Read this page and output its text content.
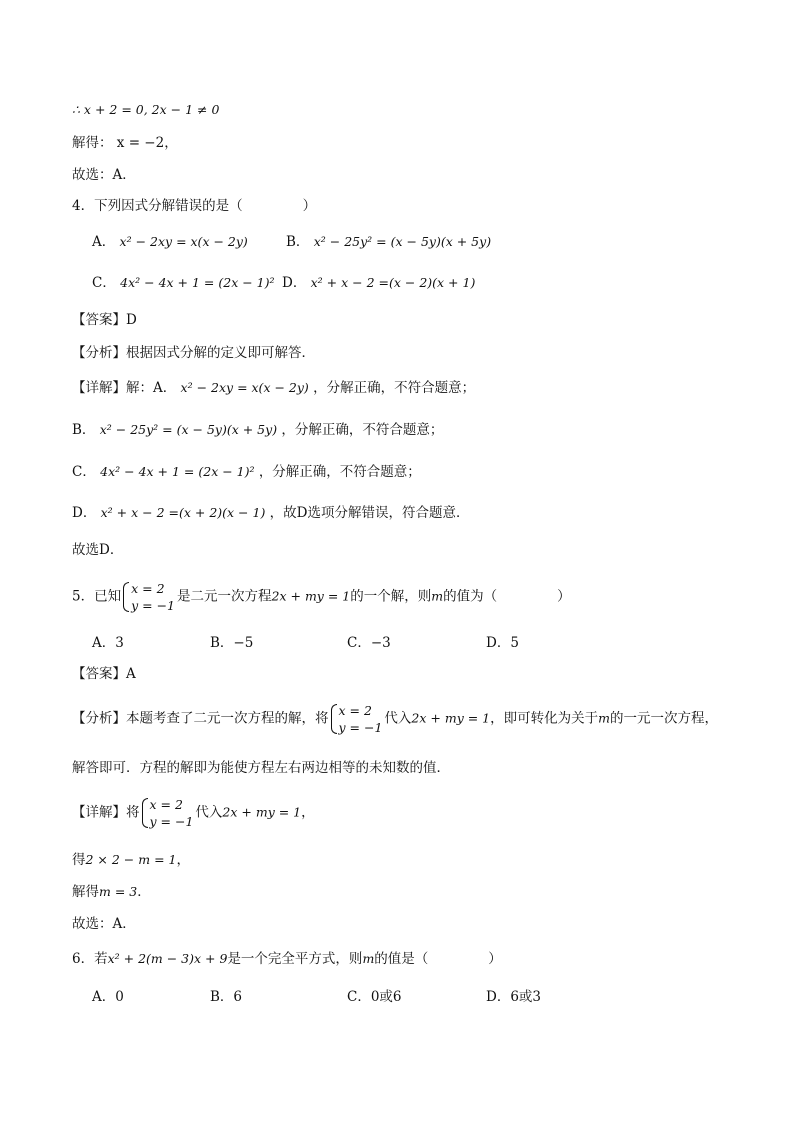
∴ x + 2 = 0, 2x − 1 ≠ 0
解得： x = −2，
故选：A．
4．下列因式分解错误的是（	）
A． x² − 2xy = x(x − 2y)	B． x² − 25y² = (x − 5y)(x + 5y)
C． 4x² − 4x + 1 = (2x − 1)² D． x² + x − 2 =(x − 2)(x + 1)
【答案】D
【分析】根据因式分解的定义即可解答．
【详解】解：A． x² − 2xy = x(x − 2y) ，分解正确，不符合题意；
B． x² − 25y² = (x − 5y)(x + 5y) ，分解正确，不符合题意；
C． 4x² − 4x + 1 = (2x − 1)² ，分解正确，不符合题意；
D． x² + x − 2 =(x + 2)(x − 1) ，故D选项分解错误，符合题意．
故选D．
5．已知 x = 2
y = −1
是二元一次方程2x + my = 1的一个解，则m的值为（	）
A．3	B．−5	C．−3	D．5
【答案】A
【分析】本题考查了二元一次方程的解，将 x = 2
y = −1
代入2x + my = 1，即可转化为关于m的一元一次方程，
解答即可．方程的解即为能使方程左右两边相等的未知数的值．
【详解】将 x = 2
y = −1
代入2x + my = 1，
得2 × 2 − m = 1，
解得m = 3．
故选：A．
6．若x² + 2(m − 3)x + 9是一个完全平方式，则m的值是（	）
A．0	B．6	C．0或6	D．6或3
